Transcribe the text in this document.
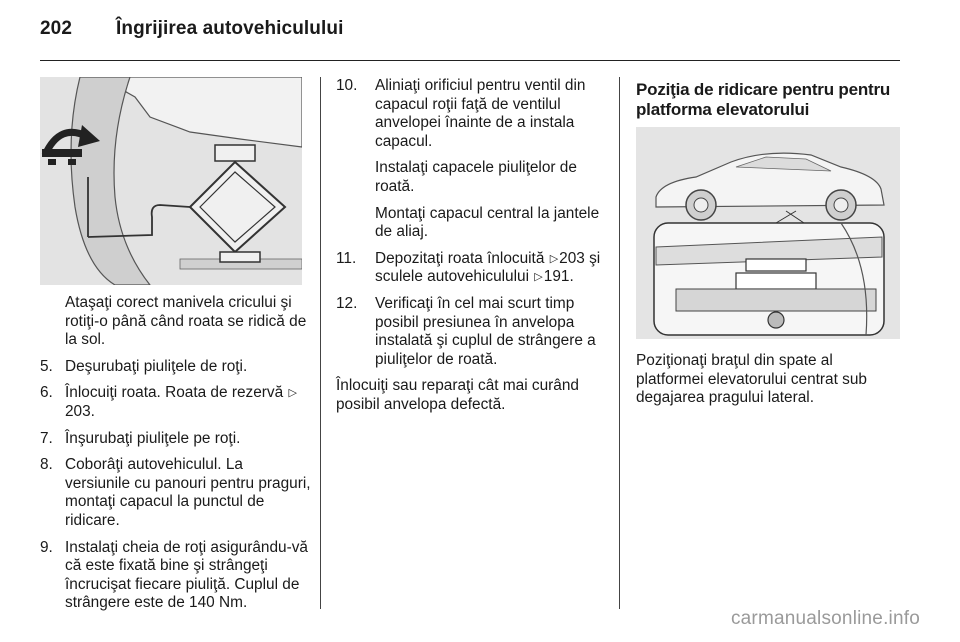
202 Îngrijirea autovehiculului
Ataşaţi corect manivela cricului şi rotiţi-o până când roata se ridică de la sol.
5. Deşurubaţi piuliţele de roţi.
6. Înlocuiţi roata. Roata de rezervă ▷203.
7. Înşurubaţi piuliţele pe roţi.
8. Coborâţi autovehiculul. La versiunile cu panouri pentru praguri, montaţi capacul la punctul de ridicare.
9. Instalaţi cheia de roţi asigurându-vă că este fixată bine şi strângeţi încrucişat fiecare piuliţă. Cuplul de strângere este de 140 Nm.
10. Aliniaţi orificiul pentru ventil din capacul roţii faţă de ventilul anvelopei înainte de a instala capacul.
Instalaţi capacele piuliţelor de roată.
Montaţi capacul central la jantele de aliaj.
11. Depozitaţi roata înlocuită ▷203 şi sculele autovehiculului ▷191.
12. Verificaţi în cel mai scurt timp posibil presiunea în anvelopa instalată şi cuplul de strângere a piuliţelor de roată.
Înlocuiţi sau reparaţi cât mai curând posibil anvelopa defectă.
Poziţia de ridicare pentru pentru platforma elevatorului
Poziţionaţi braţul din spate al platformei elevatorului centrat sub degajarea pragului lateral.
carmanualsonline.info
